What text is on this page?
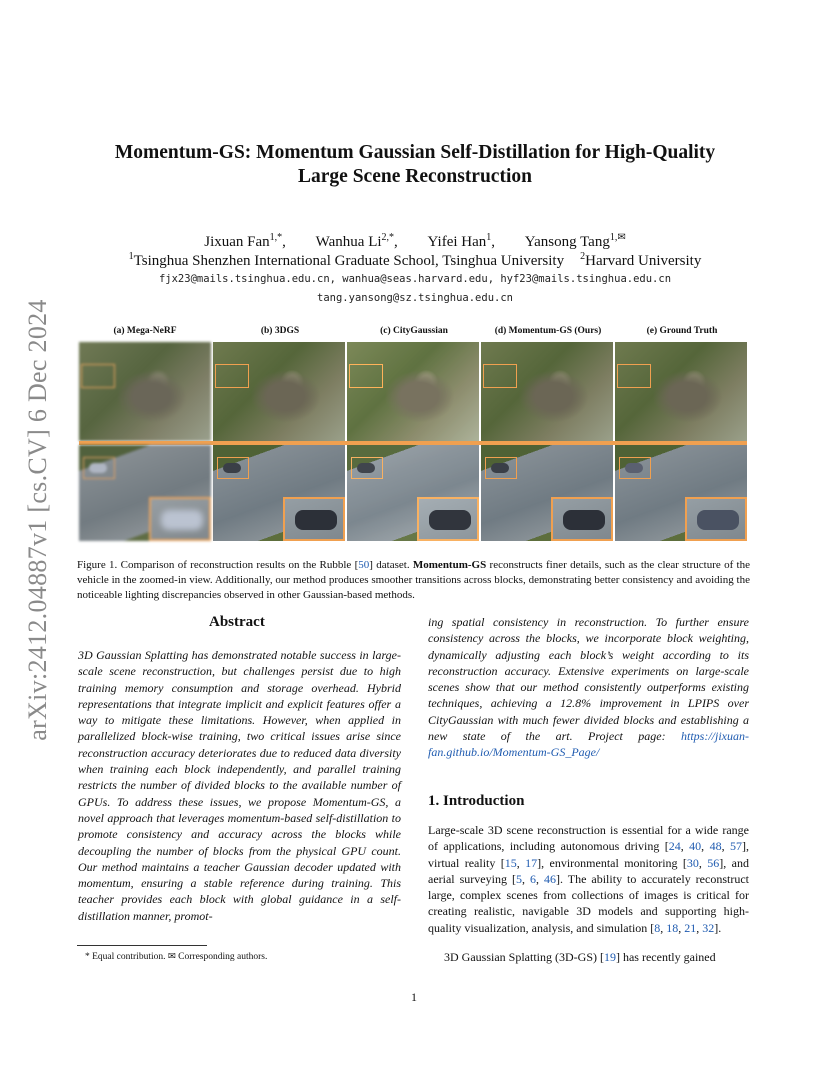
arXiv:2412.04887v1 [cs.CV] 6 Dec 2024
Momentum-GS: Momentum Gaussian Self-Distillation for High-Quality
Large Scene Reconstruction
Jixuan Fan$^{1,*}$, Wanhua $Li^{2,*}$, Yifei Han$^1$, Yansong Tang$^{1,✉}$
$^1$Tsinghua Shenzhen International Graduate School, Tsinghua University $^2$Harvard University
fjx23@mails.tsinghua.edu.cn, wanhua@seas.harvard.edu, hyf23@mails.tsinghua.edu.cn
tang.yansong@sz.tsinghua.edu.cn
(a) Mega-NeRF	(b) 3DGS	(c) CityGaussian	(d) Momentum-GS (Ours)	(e) Ground Truth
Figure 1. Comparison of reconstruction results on the Rubble [50] dataset. Momentum-GS reconstructs finer details, such as the clear structure of the vehicle in the zoomed-in view. Additionally, our method produces smoother transitions across blocks, demonstrating better consistency and avoiding the noticeable lighting discrepancies observed in other Gaussian-based methods.
Abstract
3D Gaussian Splatting has demonstrated notable success in large-scale scene reconstruction, but challenges persist due to high training memory consumption and storage overhead. Hybrid representations that integrate implicit and explicit features offer a way to mitigate these limitations. However, when applied in parallelized block-wise training, two critical issues arise since reconstruction accuracy deteriorates due to reduced data diversity when training each block independently, and parallel training restricts the number of divided blocks to the available number of GPUs. To address these issues, we propose Momentum-GS, a novel approach that leverages momentum-based self-distillation to promote consistency and accuracy across the blocks while decoupling the number of blocks from the physical GPU count. Our method maintains a teacher Gaussian decoder updated with momentum, ensuring a stable reference during training. This teacher provides each block with global guidance in a self-distillation manner, promot-
ing spatial consistency in reconstruction. To further ensure consistency across the blocks, we incorporate block weighting, dynamically adjusting each block’s weight according to its reconstruction accuracy. Extensive experiments on large-scale scenes show that our method consistently outperforms existing techniques, achieving a 12.8% improvement in LPIPS over CityGaussian with much fewer divided blocks and establishing a new state of the art. Project page: https://jixuan-fan.github.io/Momentum-GS_Page/
1. Introduction
Large-scale 3D scene reconstruction is essential for a wide range of applications, including autonomous driving [24, 40, 48, 57], virtual reality [15, 17], environmental monitoring [30, 56], and aerial surveying [5, 6, 46]. The ability to accurately reconstruct large, complex scenes from collections of images is critical for creating realistic, navigable 3D models and supporting high-quality visualization, analysis, and simulation [8, 18, 21, 32].
3D Gaussian Splatting (3D-GS) [19] has recently gained
* Equal contribution. ✉ Corresponding authors.
1
